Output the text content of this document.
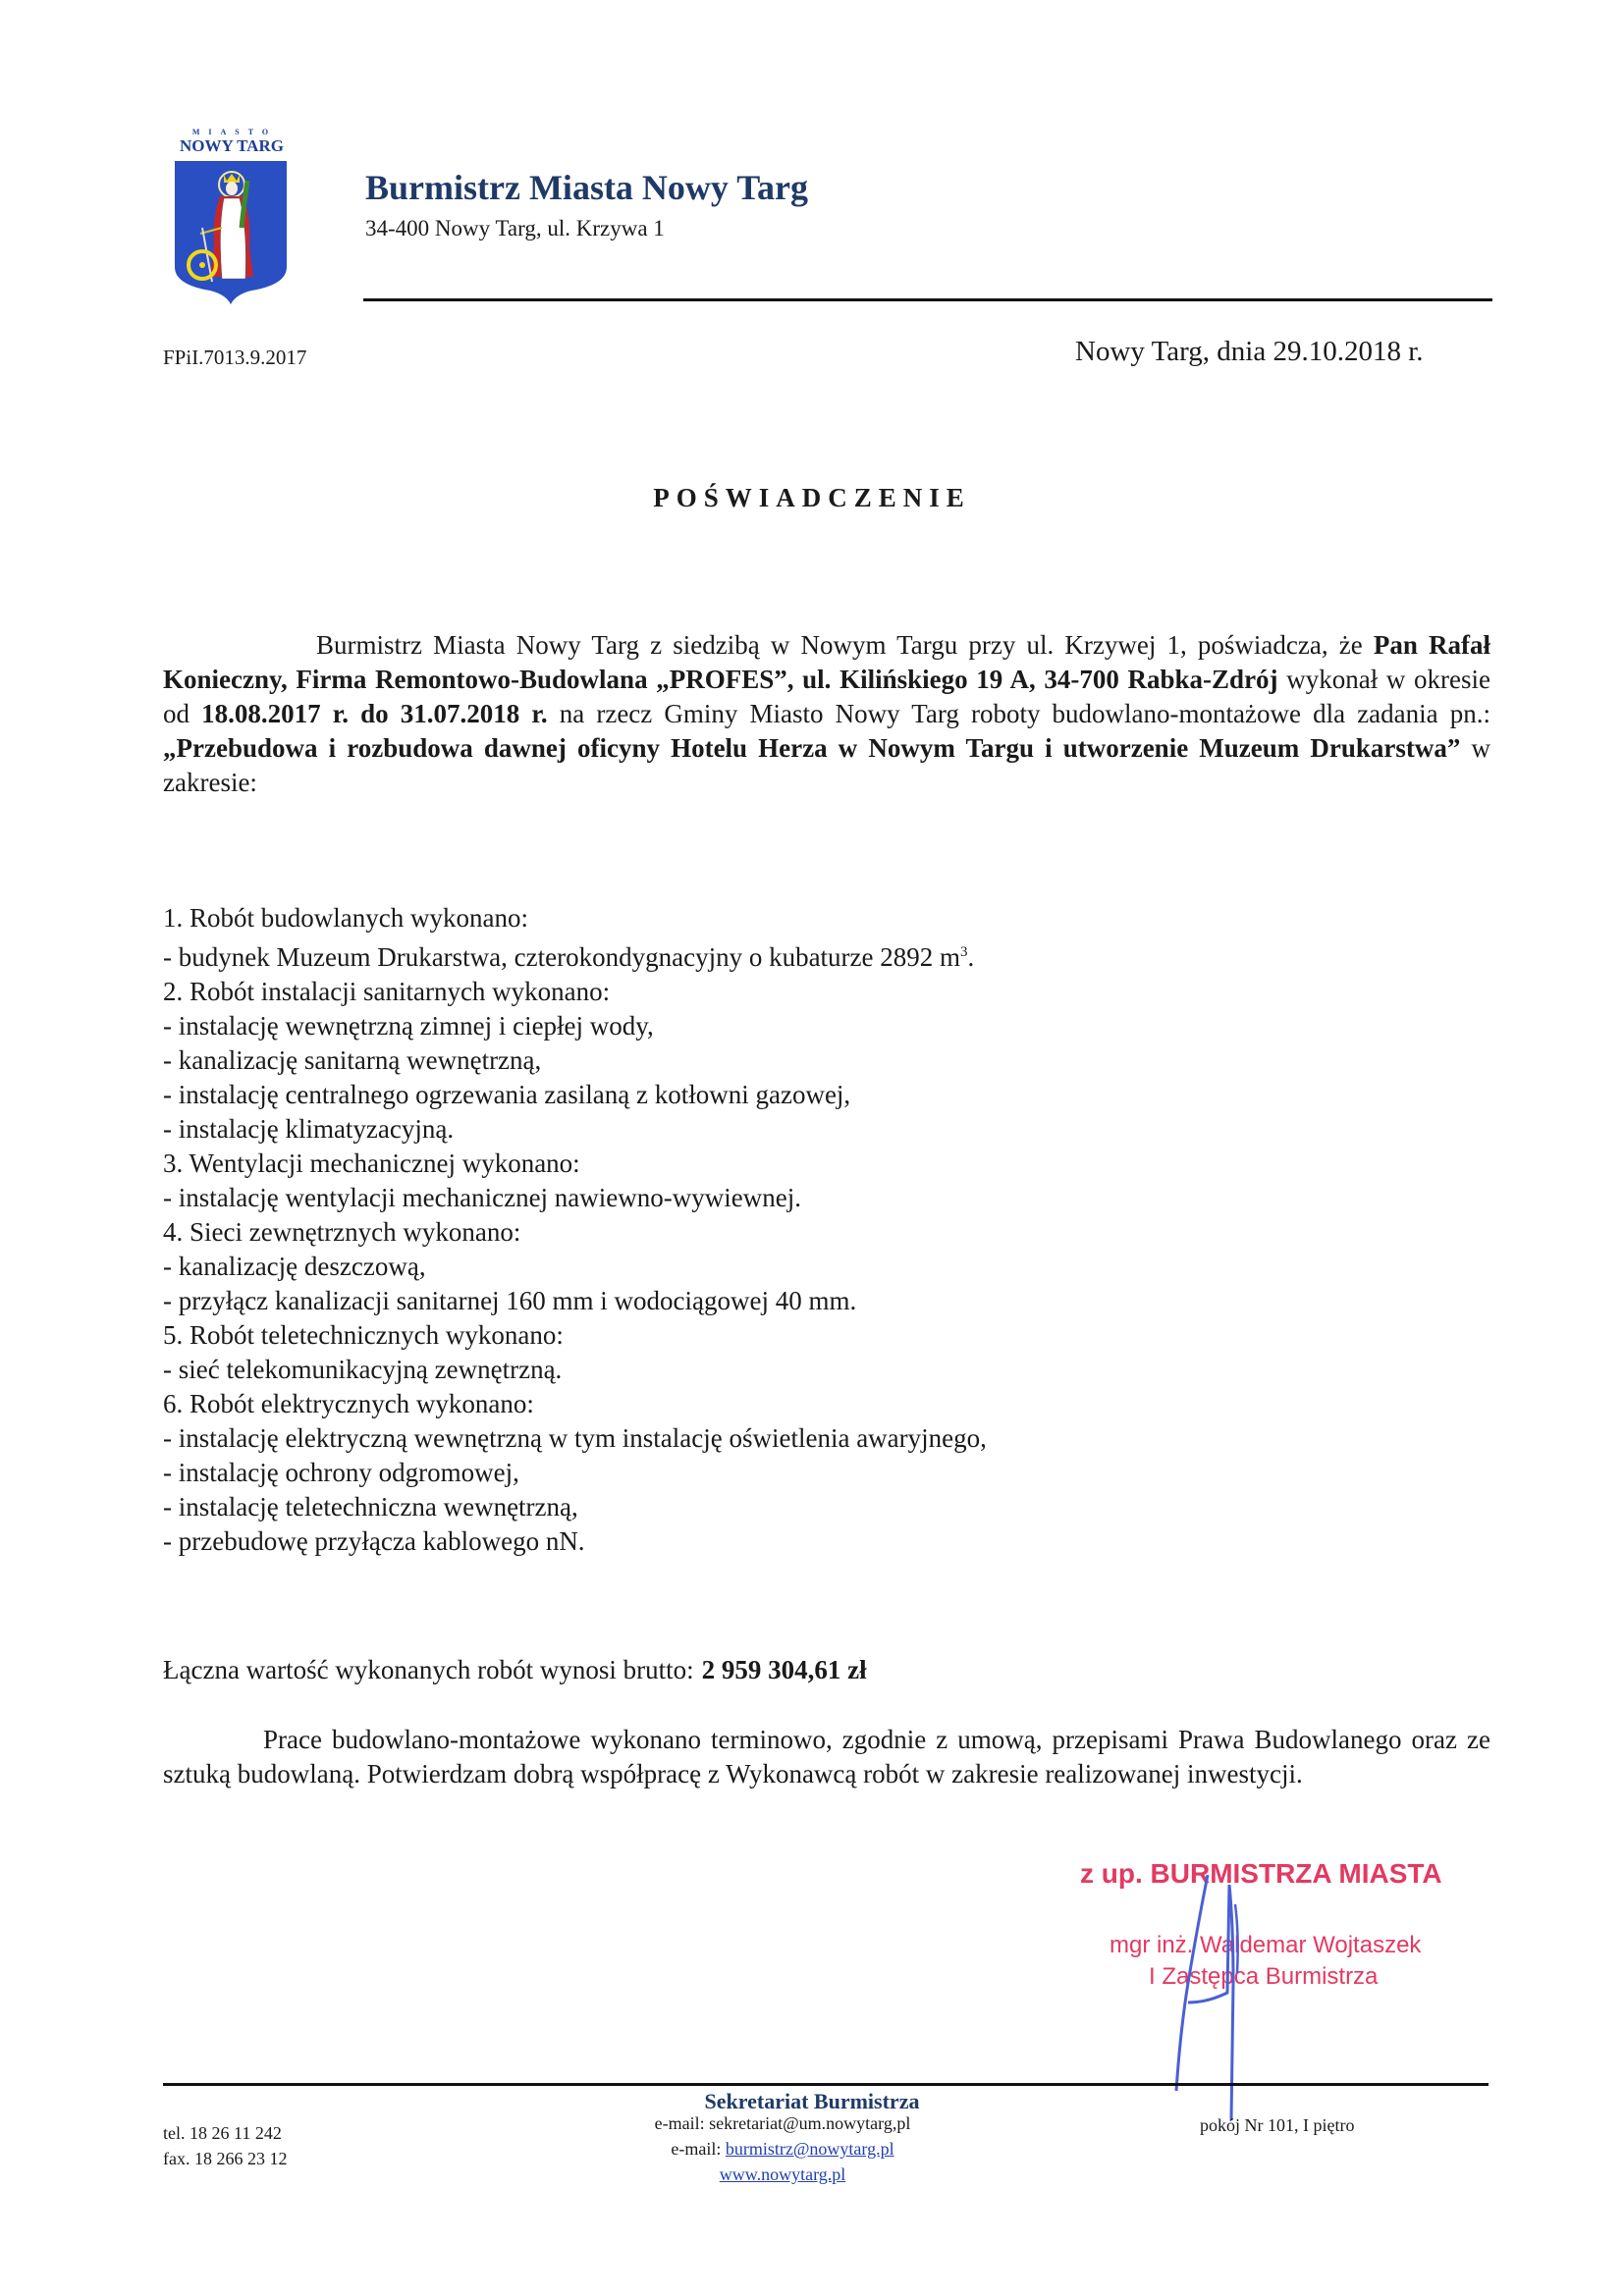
MIASTO
NOWY TARG
Burmistrz Miasta Nowy Targ
34-400 Nowy Targ, ul. Krzywa 1
FPiI.7013.9.2017	Nowy Targ, dnia 29.10.2018 r.
POŚWIADCZENIE
Burmistrz Miasta Nowy Targ z siedzibą w Nowym Targu przy ul. Krzywej 1, poświadcza, że Pan Rafał Konieczny, Firma Remontowo-Budowlana „PROFES”, ul. Kilińskiego 19 A, 34-700 Rabka-Zdrój wykonał w okresie od 18.08.2017 r. do 31.07.2018 r. na rzecz Gminy Miasto Nowy Targ roboty budowlano-montażowe dla zadania pn.: „Przebudowa i rozbudowa dawnej oficyny Hotelu Herza w Nowym Targu i utworzenie Muzeum Drukarstwa” w zakresie:
1. Robót budowlanych wykonano:
- budynek Muzeum Drukarstwa, czterokondygnacyjny o kubaturze 2892 $m^3$.
2. Robót instalacji sanitarnych wykonano:
- instalację wewnętrzną zimnej i ciepłej wody,
- kanalizację sanitarną wewnętrzną,
- instalację centralnego ogrzewania zasilaną z kotłowni gazowej,
- instalację klimatyzacyjną.
3. Wentylacji mechanicznej wykonano:
- instalację wentylacji mechanicznej nawiewno-wywiewnej.
4. Sieci zewnętrznych wykonano:
- kanalizację deszczową,
- przyłącz kanalizacji sanitarnej 160 mm i wodociągowej 40 mm.
5. Robót teletechnicznych wykonano:
- sieć telekomunikacyjną zewnętrzną.
6. Robót elektrycznych wykonano:
- instalację elektryczną wewnętrzną w tym instalację oświetlenia awaryjnego,
- instalację ochrony odgromowej,
- instalację teletechniczna wewnętrzną,
- przebudowę przyłącza kablowego nN.
Łączna wartość wykonanych robót wynosi brutto: 2 959 304,61 zł
Prace budowlano-montażowe wykonano terminowo, zgodnie z umową, przepisami Prawa Budowlanego oraz ze sztuką budowlaną. Potwierdzam dobrą współpracę z Wykonawcą robót w zakresie realizowanej inwestycji.
z up. BURMISTRZA MIASTA
mgr inż. Waldemar Wojtaszek
I Zastępca Burmistrza
Sekretariat Burmistrza
tel. 18 26 11 242
fax. 18 266 23 12
e-mail: sekretariat@um.nowytarg,pl
e-mail: burmistrz@nowytarg.pl
www.nowytarg.pl
pokój Nr 101, I piętro
